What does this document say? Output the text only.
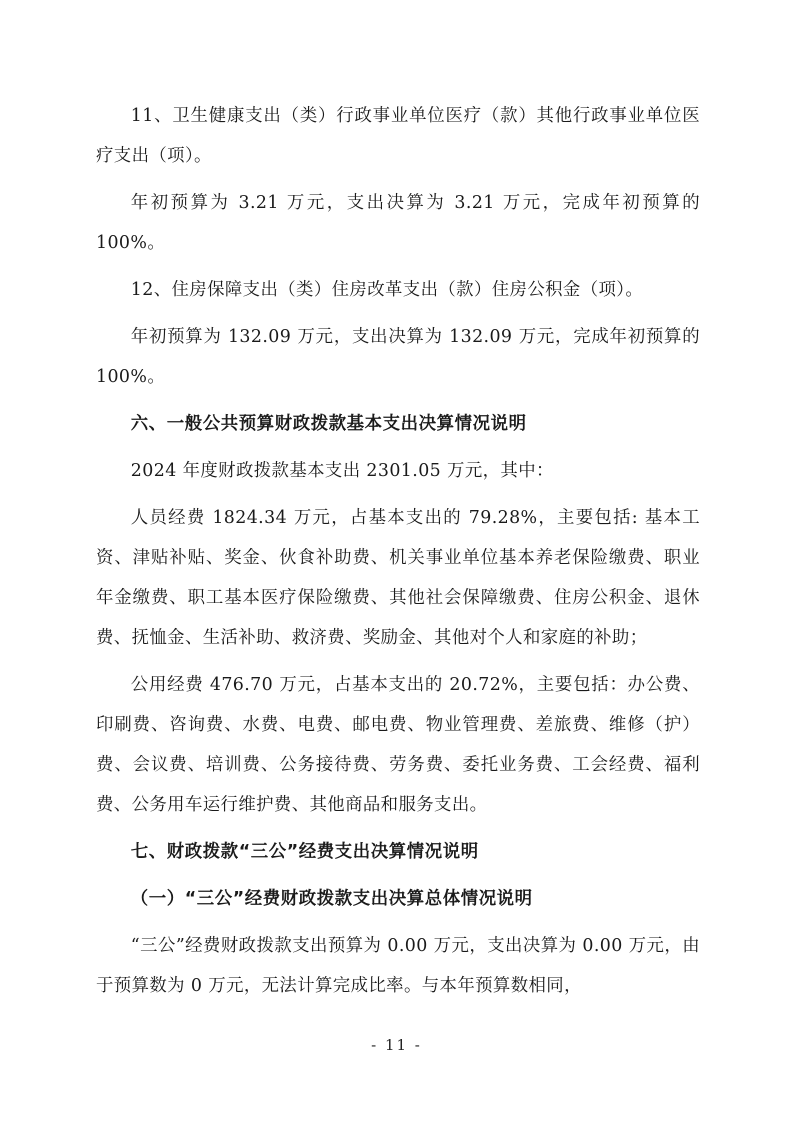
11、卫生健康支出（类）行政事业单位医疗（款）其他行政事业单位医疗支出（项）。

年初预算为 3.21 万元，支出决算为 3.21 万元，完成年初预算的 100%。

12、住房保障支出（类）住房改革支出（款）住房公积金（项）。

年初预算为 132.09 万元，支出决算为 132.09 万元，完成年初预算的 100%。

六、一般公共预算财政拨款基本支出决算情况说明

2024 年度财政拨款基本支出 2301.05 万元，其中：

人员经费 1824.34 万元，占基本支出的 79.28%，主要包括: 基本工资、津贴补贴、奖金、伙食补助费、机关事业单位基本养老保险缴费、职业年金缴费、职工基本医疗保险缴费、其他社会保障缴费、住房公积金、退休费、抚恤金、生活补助、救济费、奖励金、其他对个人和家庭的补助；

公用经费 476.70 万元，占基本支出的 20.72%，主要包括：办公费、印刷费、咨询费、水费、电费、邮电费、物业管理费、差旅费、维修（护）费、会议费、培训费、公务接待费、劳务费、委托业务费、工会经费、福利费、公务用车运行维护费、其他商品和服务支出。

七、财政拨款“三公”经费支出决算情况说明

（一）“三公”经费财政拨款支出决算总体情况说明

“三公”经费财政拨款支出预算为 0.00 万元，支出决算为 0.00 万元，由于预算数为 0 万元，无法计算完成比率。与本年预算数相同，

- 11 -
